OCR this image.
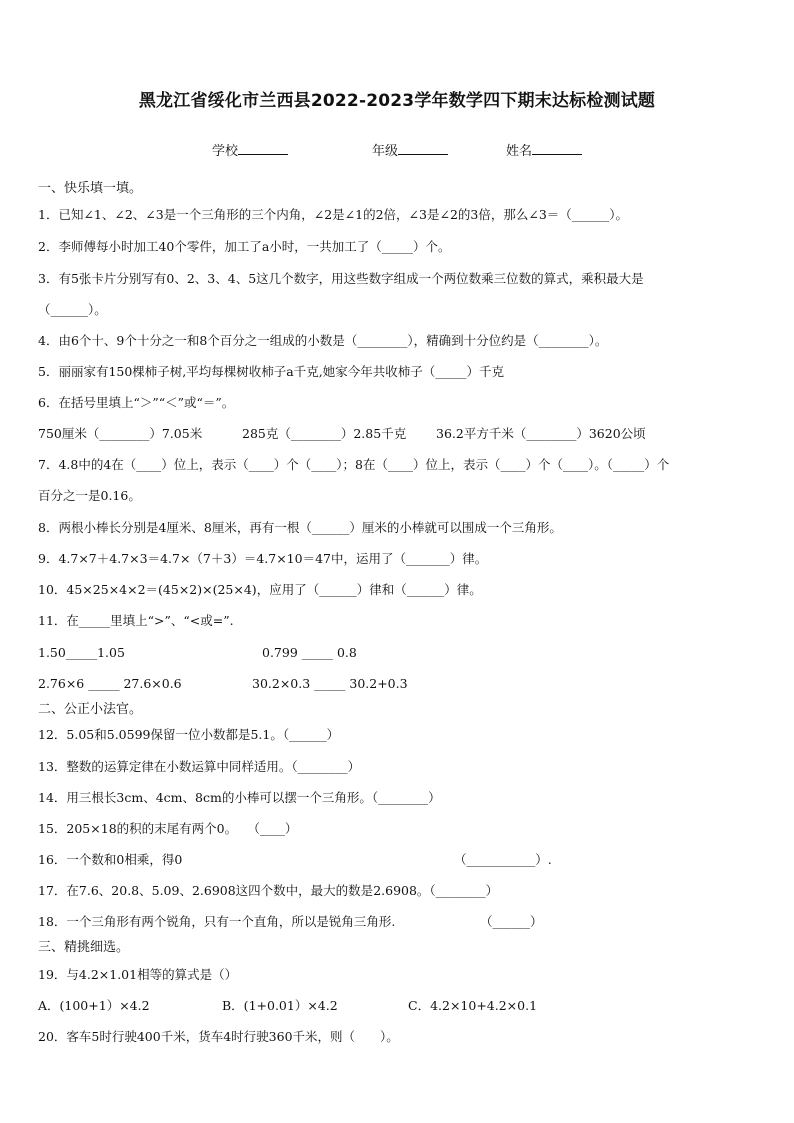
黑龙江省绥化市兰西县2022-2023学年数学四下期末达标检测试题
学校	年级	姓名
一、快乐填一填。
1．已知∠1、∠2、∠3是一个三角形的三个内角，∠2是∠1的2倍，∠3是∠2的3倍，那么∠3＝（______）。
2．李师傅每小时加工40个零件，加工了a小时，一共加工了（_____）个。
3．有5张卡片分别写有0、2、3、4、5这几个数字，用这些数字组成一个两位数乘三位数的算式，乘积最大是
（______）。
4．由6个十、9个十分之一和8个百分之一组成的小数是（________），精确到十分位约是（________）。
5．丽丽家有150棵柿子树,平均每棵树收柿子a千克,她家今年共收柿子（_____）千克
6．在括号里填上“＞”“＜”或“＝”。
750厘米（________）7.05米	285克（________）2.85千克 36.2平方千米（________）3620公顷
7．4.8中的4在（____）位上，表示（____）个（____）；8在（____）位上，表示（____）个（____）。（_____）个
百分之一是0.16。
8．两根小棒长分别是4厘米、8厘米，再有一根（______）厘米的小棒就可以围成一个三角形。
9．4.7×7＋4.7×3＝4.7×（7＋3）＝4.7×10＝47中，运用了（_______）律。
10．45×25×4×2＝(45×2)×(25×4)，应用了（______）律和（______）律。
11．在_____里填上“>”、“<或=”.
1.50_____1.05	0.799 _____ 0.8
2.76×6 _____ 27.6×0.6	30.2×0.3 _____ 30.2+0.3
二、公正小法官。
12．5.05和5.0599保留一位小数都是5.1。（______）
13．整数的运算定律在小数运算中同样适用。（________）
14．用三根长3cm、4cm、8cm的小棒可以摆一个三角形。（________）
15．205×18的积的末尾有两个0。　 （____）
16．一个数和0相乘，得0	（___________）.
17．在7.6、20.8、5.09、2.6908这四个数中，最大的数是2.6908。（________）
18．一个三角形有两个锐角，只有一个直角，所以是锐角三角形.	（______）
三、精挑细选。
19．与4.2×1.01相等的算式是（）
A．(100+1）×4.2	B．(1+0.01）×4.2	C．4.2×10+4.2×0.1
20．客车5时行驶400千米，货车4时行驶360千米，则（　　）。
